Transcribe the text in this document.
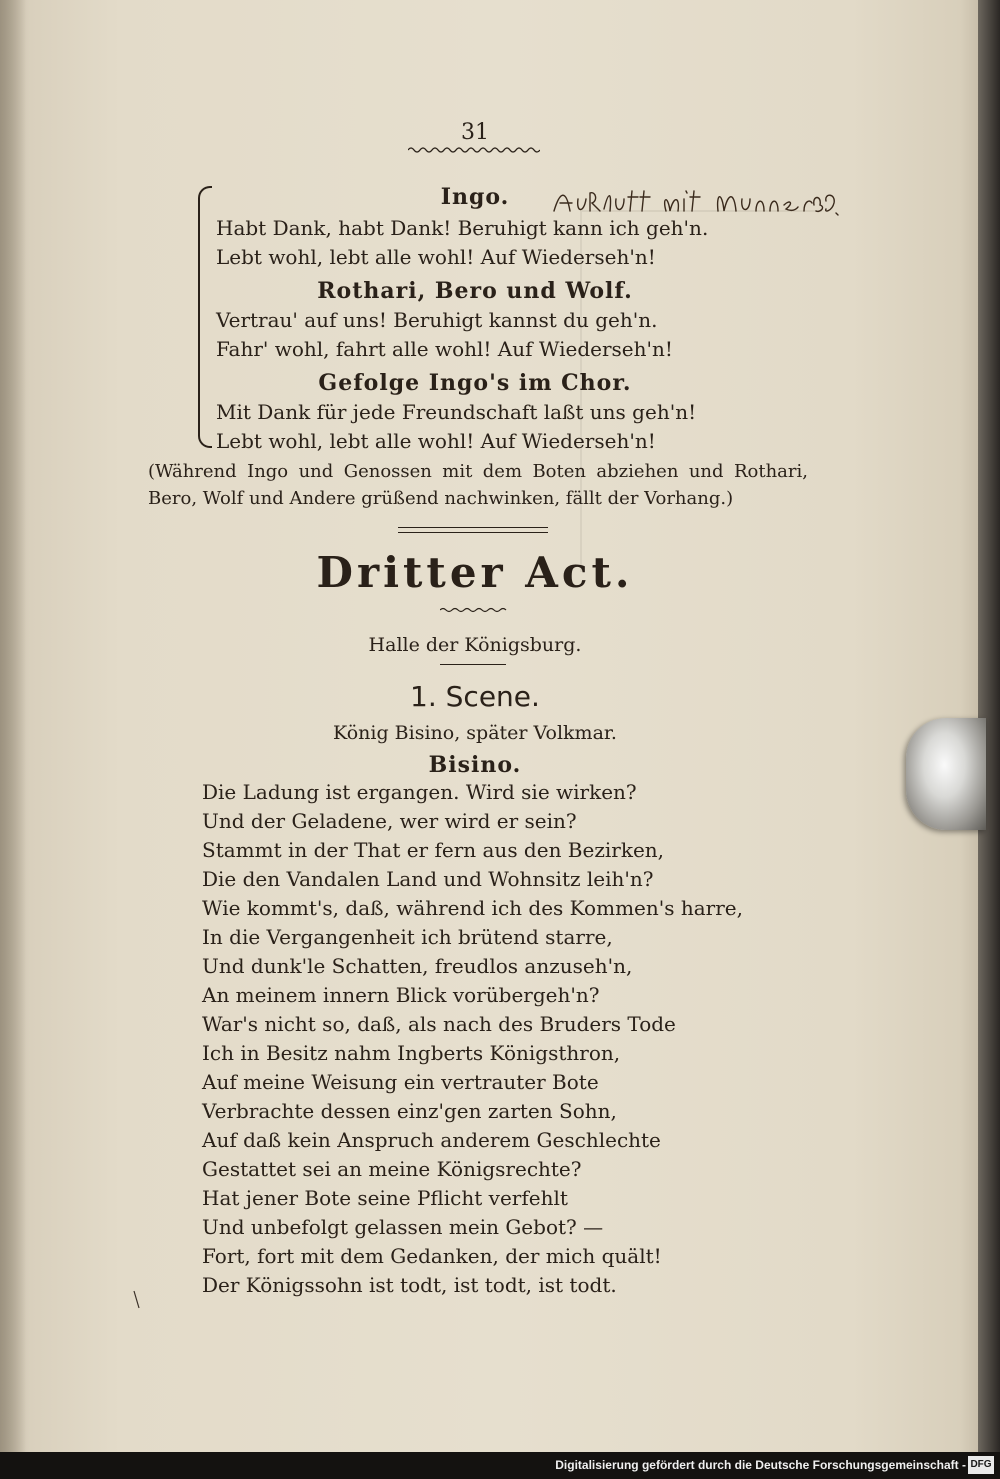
31
Ingo.
Habt Dank, habt Dank! Beruhigt kann ich geh'n.
Lebt wohl, lebt alle wohl! Auf Wiederseh'n!
Rothari, Bero und Wolf.
Vertrau' auf uns! Beruhigt kannst du geh'n.
Fahr' wohl, fahrt alle wohl! Auf Wiederseh'n!
Gefolge Ingo's im Chor.
Mit Dank für jede Freundschaft laßt uns geh'n!
Lebt wohl, lebt alle wohl! Auf Wiederseh'n!
(Während Ingo und Genossen mit dem Boten abziehen und Rothari, Bero, Wolf und Andere grüßend nachwinken, fällt der Vorhang.)
Dritter Act.
Halle der Königsburg.
1. Scene.
König Bisino, später Volkmar.
Bisino.
Die Ladung ist ergangen. Wird sie wirken?
Und der Geladene, wer wird er sein?
Stammt in der That er fern aus den Bezirken,
Die den Vandalen Land und Wohnsitz leih'n?
Wie kommt's, daß, während ich des Kommen's harre,
In die Vergangenheit ich brütend starre,
Und dunk'le Schatten, freudlos anzuseh'n,
An meinem innern Blick vorübergeh'n?
War's nicht so, daß, als nach des Bruders Tode
Ich in Besitz nahm Ingberts Königsthron,
Auf meine Weisung ein vertrauter Bote
Verbrachte dessen einz'gen zarten Sohn,
Auf daß kein Anspruch anderem Geschlechte
Gestattet sei an meine Königsrechte?
Hat jener Bote seine Pflicht verfehlt
Und unbefolgt gelassen mein Gebot? —
Fort, fort mit dem Gedanken, der mich quält!
Der Königssohn ist todt, ist todt, ist todt.
Digitalisierung gefördert durch die Deutsche Forschungsgemeinschaft - DFG
